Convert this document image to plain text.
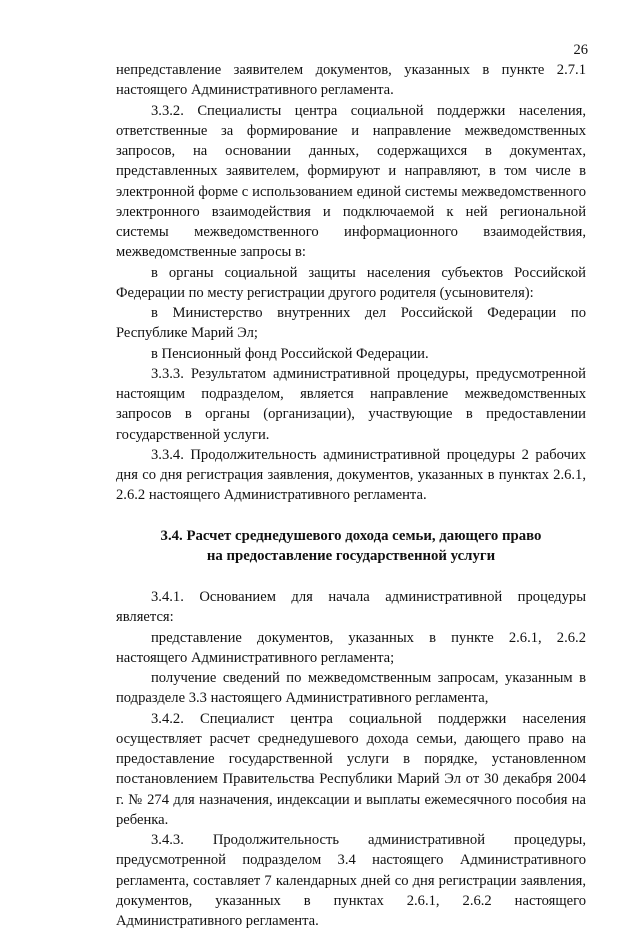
26

непредставление заявителем документов, указанных в пункте 2.7.1 настоящего Административного регламента.

3.3.2. Специалисты центра социальной поддержки населения, ответственные за формирование и направление межведомственных запросов, на основании данных, содержащихся в документах, представленных заявителем, формируют и направляют, в том числе в электронной форме с использованием единой системы межведомственного электронного взаимодействия и подключаемой к ней региональной системы межведомственного информационного взаимодействия, межведомственные запросы в:

в органы социальной защиты населения субъектов Российской Федерации по месту регистрации другого родителя (усыновителя):

в Министерство внутренних дел Российской Федерации по Республике Марий Эл;

в Пенсионный фонд Российской Федерации.

3.3.3. Результатом административной процедуры, предусмотренной настоящим подразделом, является направление межведомственных запросов в органы (организации), участвующие в предоставлении государственной услуги.

3.3.4. Продолжительность административной процедуры 2 рабочих дня со дня регистрация заявления, документов, указанных в пунктах 2.6.1, 2.6.2 настоящего Административного регламента.

3.4. Расчет среднедушевого дохода семьи, дающего право
на предоставление государственной услуги

3.4.1. Основанием для начала административной процедуры является:

представление документов, указанных в пункте 2.6.1, 2.6.2 настоящего Административного регламента;

получение сведений по межведомственным запросам, указанным в подразделе 3.3 настоящего Административного регламента,

3.4.2. Специалист центра социальной поддержки населения осуществляет расчет среднедушевого дохода семьи, дающего право на предоставление государственной услуги в порядке, установленном постановлением Правительства Республики Марий Эл от 30 декабря 2004 г. № 274 для назначения, индексации и выплаты ежемесячного пособия на ребенка.

3.4.3. Продолжительность административной процедуры, предусмотренной подразделом 3.4 настоящего Административного регламента, составляет 7 календарных дней со дня регистрации заявления, документов, указанных в пунктах 2.6.1, 2.6.2 настоящего Административного регламента.
